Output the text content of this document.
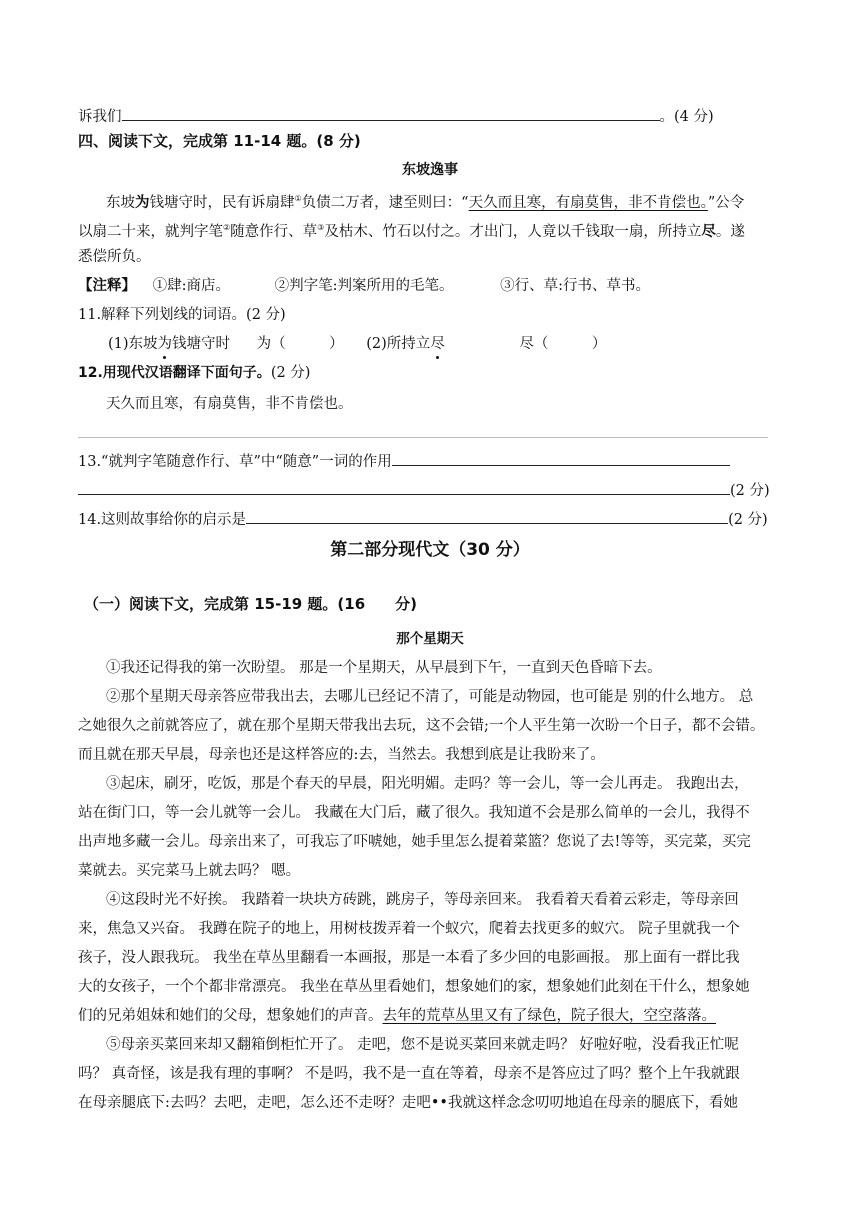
诉我们	。(4 分)
四、阅读下文，完成第 11-14 题。(8 分)
东坡逸事
东坡为钱塘守时，民有诉扇肆①负债二万者，逮至则曰：“天久而且寒，有扇莫售，非不肯偿也。”公令
以扇二十来，就判字笔②随意作行、草③及枯木、竹石以付之。才出门，人竟以千钱取一扇，所持立尽。遂
悉偿所负。
【注释】 ①肆:商店。	②判字笔:判案所用的毛笔。	③行、草:行书、草书。
11.解释下列划线的词语。(2 分)
(1)东坡为钱塘守时 为（　　　） (2)所持立尽	尽（　　　）
12.用现代汉语翻译下面句子。(2 分)
天久而且寒，有扇莫售，非不肯偿也。
13.“就判字笔随意作行、草”中“随意”一词的作用
(2 分)
14.这则故事给你的启示是	(2 分)
第二部分现代文（30 分）
（一）阅读下文，完成第 15-19 题。(16　　分)
那个星期天
①我还记得我的第一次盼望。 那是一个星期天，从早晨到下午，一直到天色昏暗下去。
②那个星期天母亲答应带我出去，去哪儿已经记不清了，可能是动物园，也可能是 别的什么地方。 总
之她很久之前就答应了，就在那个星期天带我出去玩，这不会错;一个人平生第一次盼一个日子，都不会错。
而且就在那天早晨，母亲也还是这样答应的:去，当然去。我想到底是让我盼来了。
③起床，刷牙，吃饭，那是个春天的早晨，阳光明媚。走吗？等一会儿，等一会儿再走。 我跑出去，
站在街门口，等一会儿就等一会儿。 我藏在大门后，藏了很久。我知道不会是那么简单的一会儿，我得不
出声地多藏一会儿。母亲出来了，可我忘了吓唬她，她手里怎么提着菜篮？您说了去!等等，买完菜，买完
菜就去。买完菜马上就去吗？ 嗯。
④这段时光不好挨。 我踏着一块块方砖跳，跳房子，等母亲回来。 我看着天看着云彩走，等母亲回
来，焦急又兴奋。 我蹲在院子的地上，用树枝拨弄着一个蚁穴，爬着去找更多的蚁穴。 院子里就我一个
孩子，没人跟我玩。 我坐在草丛里翻看一本画报，那是一本看了多少回的电影画报。 那上面有一群比我
大的女孩子，一个个都非常漂亮。 我坐在草丛里看她们，想象她们的家，想象她们此刻在干什么，想象她
们的兄弟姐妹和她们的父母，想象她们的声音。去年的荒草丛里又有了绿色，院子很大，空空落落。
⑤母亲买菜回来却又翻箱倒柜忙开了。 走吧，您不是说买菜回来就走吗？ 好啦好啦，没看我正忙呢
吗？ 真奇怪，该是我有理的事啊？ 不是吗，我不是一直在等着，母亲不是答应过了吗？整个上午我就跟
在母亲腿底下:去吗？去吧，走吧，怎么还不走呀？走吧••我就这样念念叨叨地追在母亲的腿底下，看她
